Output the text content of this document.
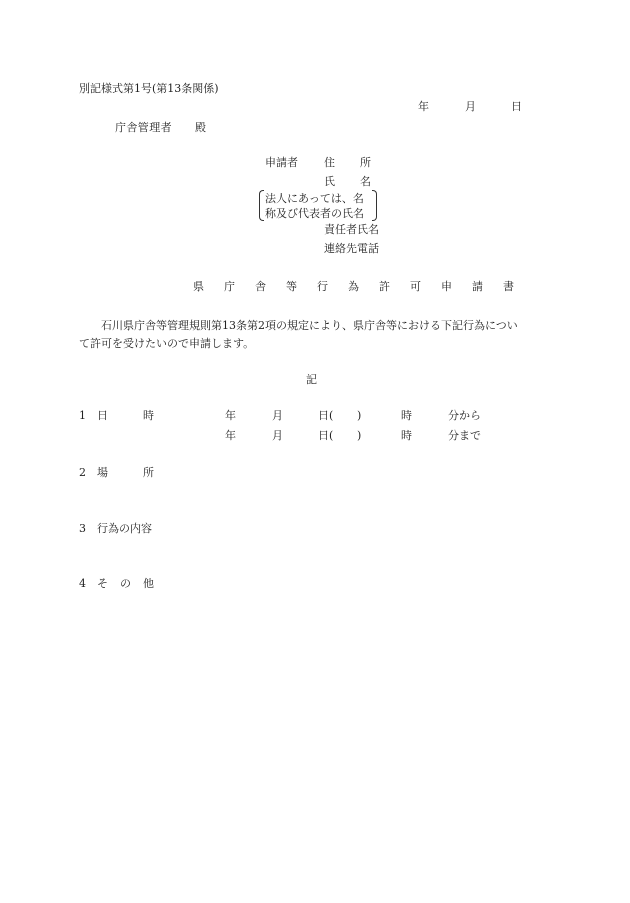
別記様式第1号(第13条関係)
年	月	日
庁舎管理者 殿
申請者 住 所
氏 名
法人にあっては、名
称及び代表者の氏名
責任者氏名
連絡先電話
県 庁 舎 等 行 為 許 可 申 請 書
石川県庁舎等管理規則第13条第2項の規定により、県庁舎等における下記行為につい
て許可を受けたいので申請します。
記
1 日	時	年	月	日( )	時	分から
年	月	日( )	時	分まで
2 場	所
3 行為の内容
4 そ の 他
